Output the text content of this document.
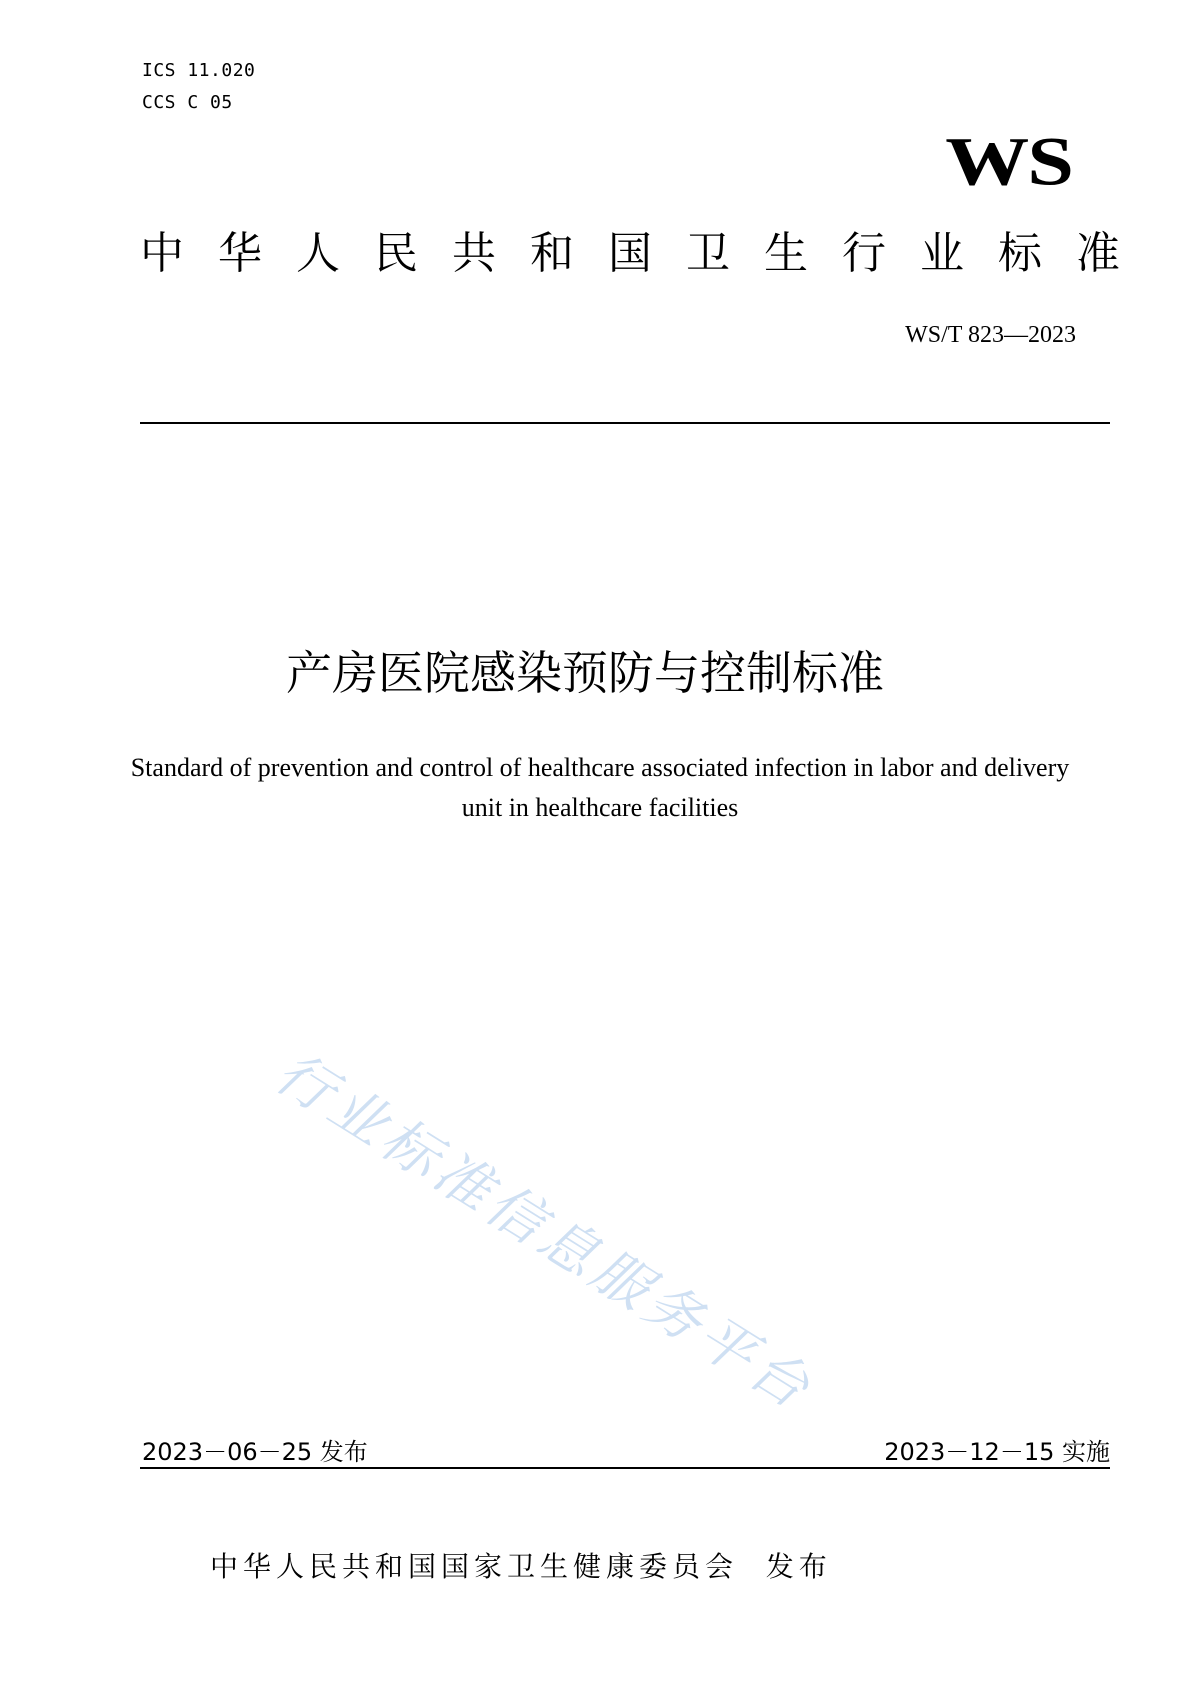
ICS 11.020
CCS C 05
WS
中 华 人 民 共 和 国 卫 生 行 业 标 准
WS/T 823—2023
产房医院感染预防与控制标准
Standard of prevention and control of healthcare associated infection in labor and delivery unit in healthcare facilities
行业标准信息服务平台
2023－06－25 发布	2023－12－15 实施
中华人民共和国国家卫生健康委员会  发布
